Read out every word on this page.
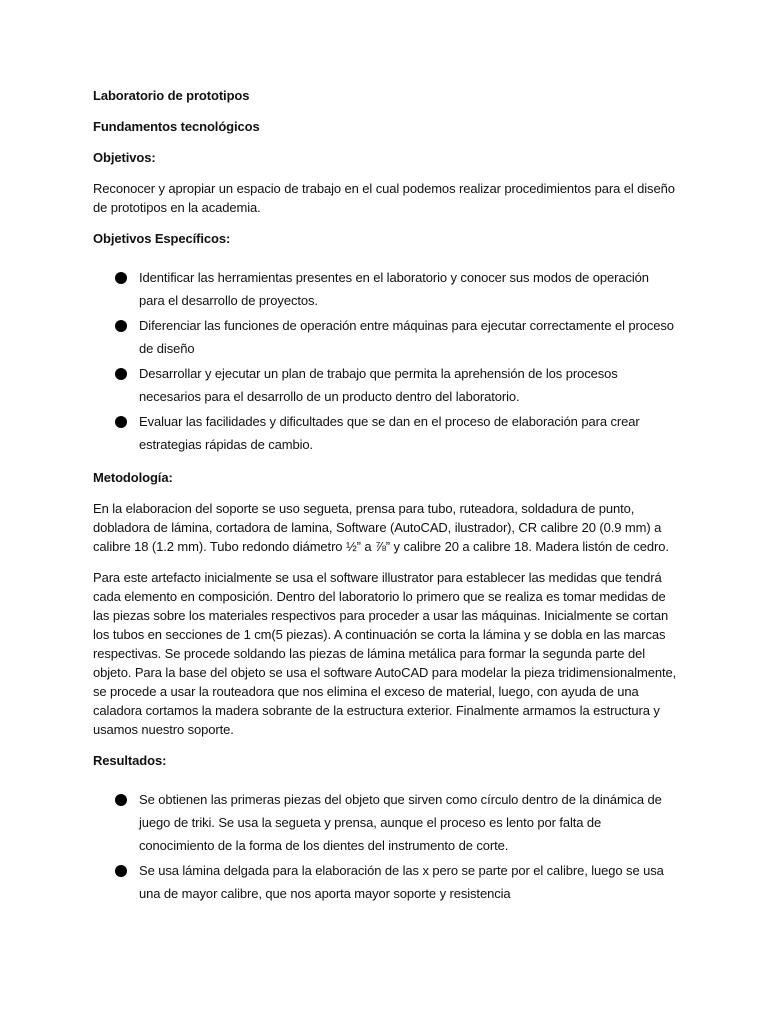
Laboratorio de prototipos

Fundamentos tecnológicos

Objetivos:

Reconocer y apropiar un espacio de trabajo en el cual podemos realizar procedimientos para el diseño de prototipos en la academia.

Objetivos Específicos:

Identificar las herramientas presentes en el laboratorio y conocer sus modos de operación para el desarrollo de proyectos.
Diferenciar las funciones de operación entre máquinas para ejecutar correctamente el proceso de diseño
Desarrollar y ejecutar un plan de trabajo que permita la aprehensión de los procesos necesarios para el desarrollo de un producto dentro del laboratorio.
Evaluar las facilidades y dificultades que se dan en el proceso de elaboración para crear estrategias rápidas de cambio.

Metodología:

En la elaboracion del soporte se uso segueta, prensa para tubo, ruteadora, soldadura de punto, dobladora de lámina, cortadora de lamina, Software (AutoCAD, ilustrador), CR calibre 20 (0.9 mm) a calibre 18 (1.2 mm). Tubo redondo diámetro ½” a ⅞” y calibre 20 a calibre 18. Madera listón de cedro.

Para este artefacto inicialmente se usa el software illustrator para establecer las medidas que tendrá cada elemento en composición. Dentro del laboratorio lo primero que se realiza es tomar medidas de las piezas sobre los materiales respectivos para proceder a usar las máquinas. Inicialmente se cortan los tubos en secciones de 1 cm(5 piezas). A continuación se corta la lámina y se dobla en las marcas respectivas. Se procede soldando las piezas de lámina metálica para formar la segunda parte del objeto. Para la base del objeto se usa el software AutoCAD para modelar la pieza tridimensionalmente, se procede a usar la routeadora que nos elimina el exceso de material, luego, con ayuda de una caladora cortamos la madera sobrante de la estructura exterior. Finalmente armamos la estructura y usamos nuestro soporte.

Resultados:

Se obtienen las primeras piezas del objeto que sirven como círculo dentro de la dinámica de juego de triki. Se usa la segueta y prensa, aunque el proceso es lento por falta de conocimiento de la forma de los dientes del instrumento de corte.
Se usa lámina delgada para la elaboración de las x pero se parte por el calibre, luego se usa una de mayor calibre, que nos aporta mayor soporte y resistencia
